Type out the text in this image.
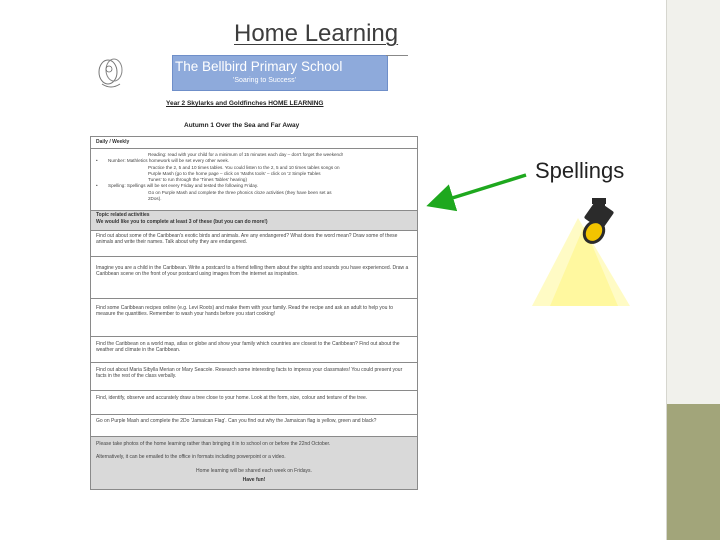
Home Learning
Spellings
The Bellbird Primary School
'Soaring to Success'
Year 2 Skylarks and Goldfinches HOME LEARNING
Autumn 1 Over the Sea and Far Away
Daily / Weekly
Reading: read with your child for a minimum of 15 minutes each day – don't forget the weekend!
• Number: Mathletics homework will be set every other week.
Practice the 2, 5 and 10 times tables. You could listen to the 2, 5 and 10 times tables songs on
Purple Mash (go to the home page – click on 'Maths tools' – click on '2 Simple Tables
Tunes' to run through the 'Times Tables' hearing)
• Spelling: Spellings will be set every Friday and tested the following Friday.
Go on Purple Mash and complete the three phonics cloze activities (they have been set as
2Dos).
Topic related activities
We would like you to complete at least 3 of these (but you can do more!)
Find out about some of the Caribbean's exotic birds and animals. Are any endangered? What does the word mean? Draw some of these animals and write their names. Talk about why they are endangered.
Imagine you are a child in the Caribbean. Write a postcard to a friend telling them about the sights and sounds you have experienced. Draw a Caribbean scene on the front of your postcard using images from the internet as inspiration.
Find some Caribbean recipes online (e.g. Levi Roots) and make them with your family. Read the recipe and ask an adult to help you to measure the quantities. Remember to wash your hands before you start cooking!
Find the Caribbean on a world map, atlas or globe and show your family which countries are closest to the Caribbean? Find out about the weather and climate in the Caribbean.
Find out about Maria Sibylla Merian or Mary Seacole. Research some interesting facts to impress your classmates! You could present your facts in the rest of the class verbally.
Find, identify, observe and accurately draw a tree close to your home. Look at the form, size, colour and texture of the tree.
Go on Purple Mash and complete the 2Do 'Jamaican Flag'. Can you find out why the Jamaican flag is yellow, green and black?
Please take photos of the home learning rather than bringing it in to school on or before the 22nd October.
Alternatively, it can be emailed to the office in formats including powerpoint or a video.
Home learning will be shared each week on Fridays.
Have fun!
